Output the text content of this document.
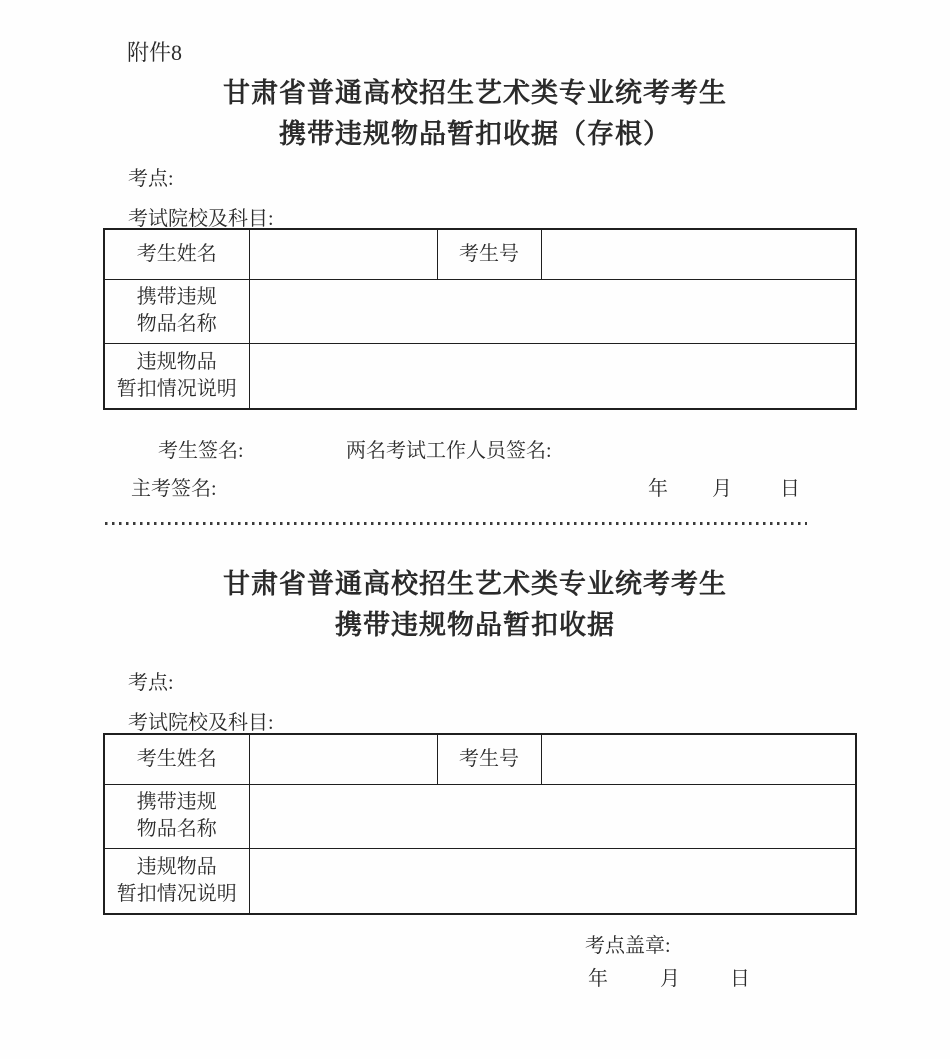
附件8
甘肃省普通高校招生艺术类专业统考考生
携带违规物品暂扣收据（存根）
考点:
考试院校及科目:
考生姓名		考生号	

携带违规
物品名称			

违规物品
暂扣情况说明			

考生签名:	两名考试工作人员签名:
主考签名:	年 月 日
甘肃省普通高校招生艺术类专业统考考生
携带违规物品暂扣收据
考点:
考试院校及科目:
考生姓名		考生号	

携带违规
物品名称			

违规物品
暂扣情况说明			

考点盖章:
年	月	日
